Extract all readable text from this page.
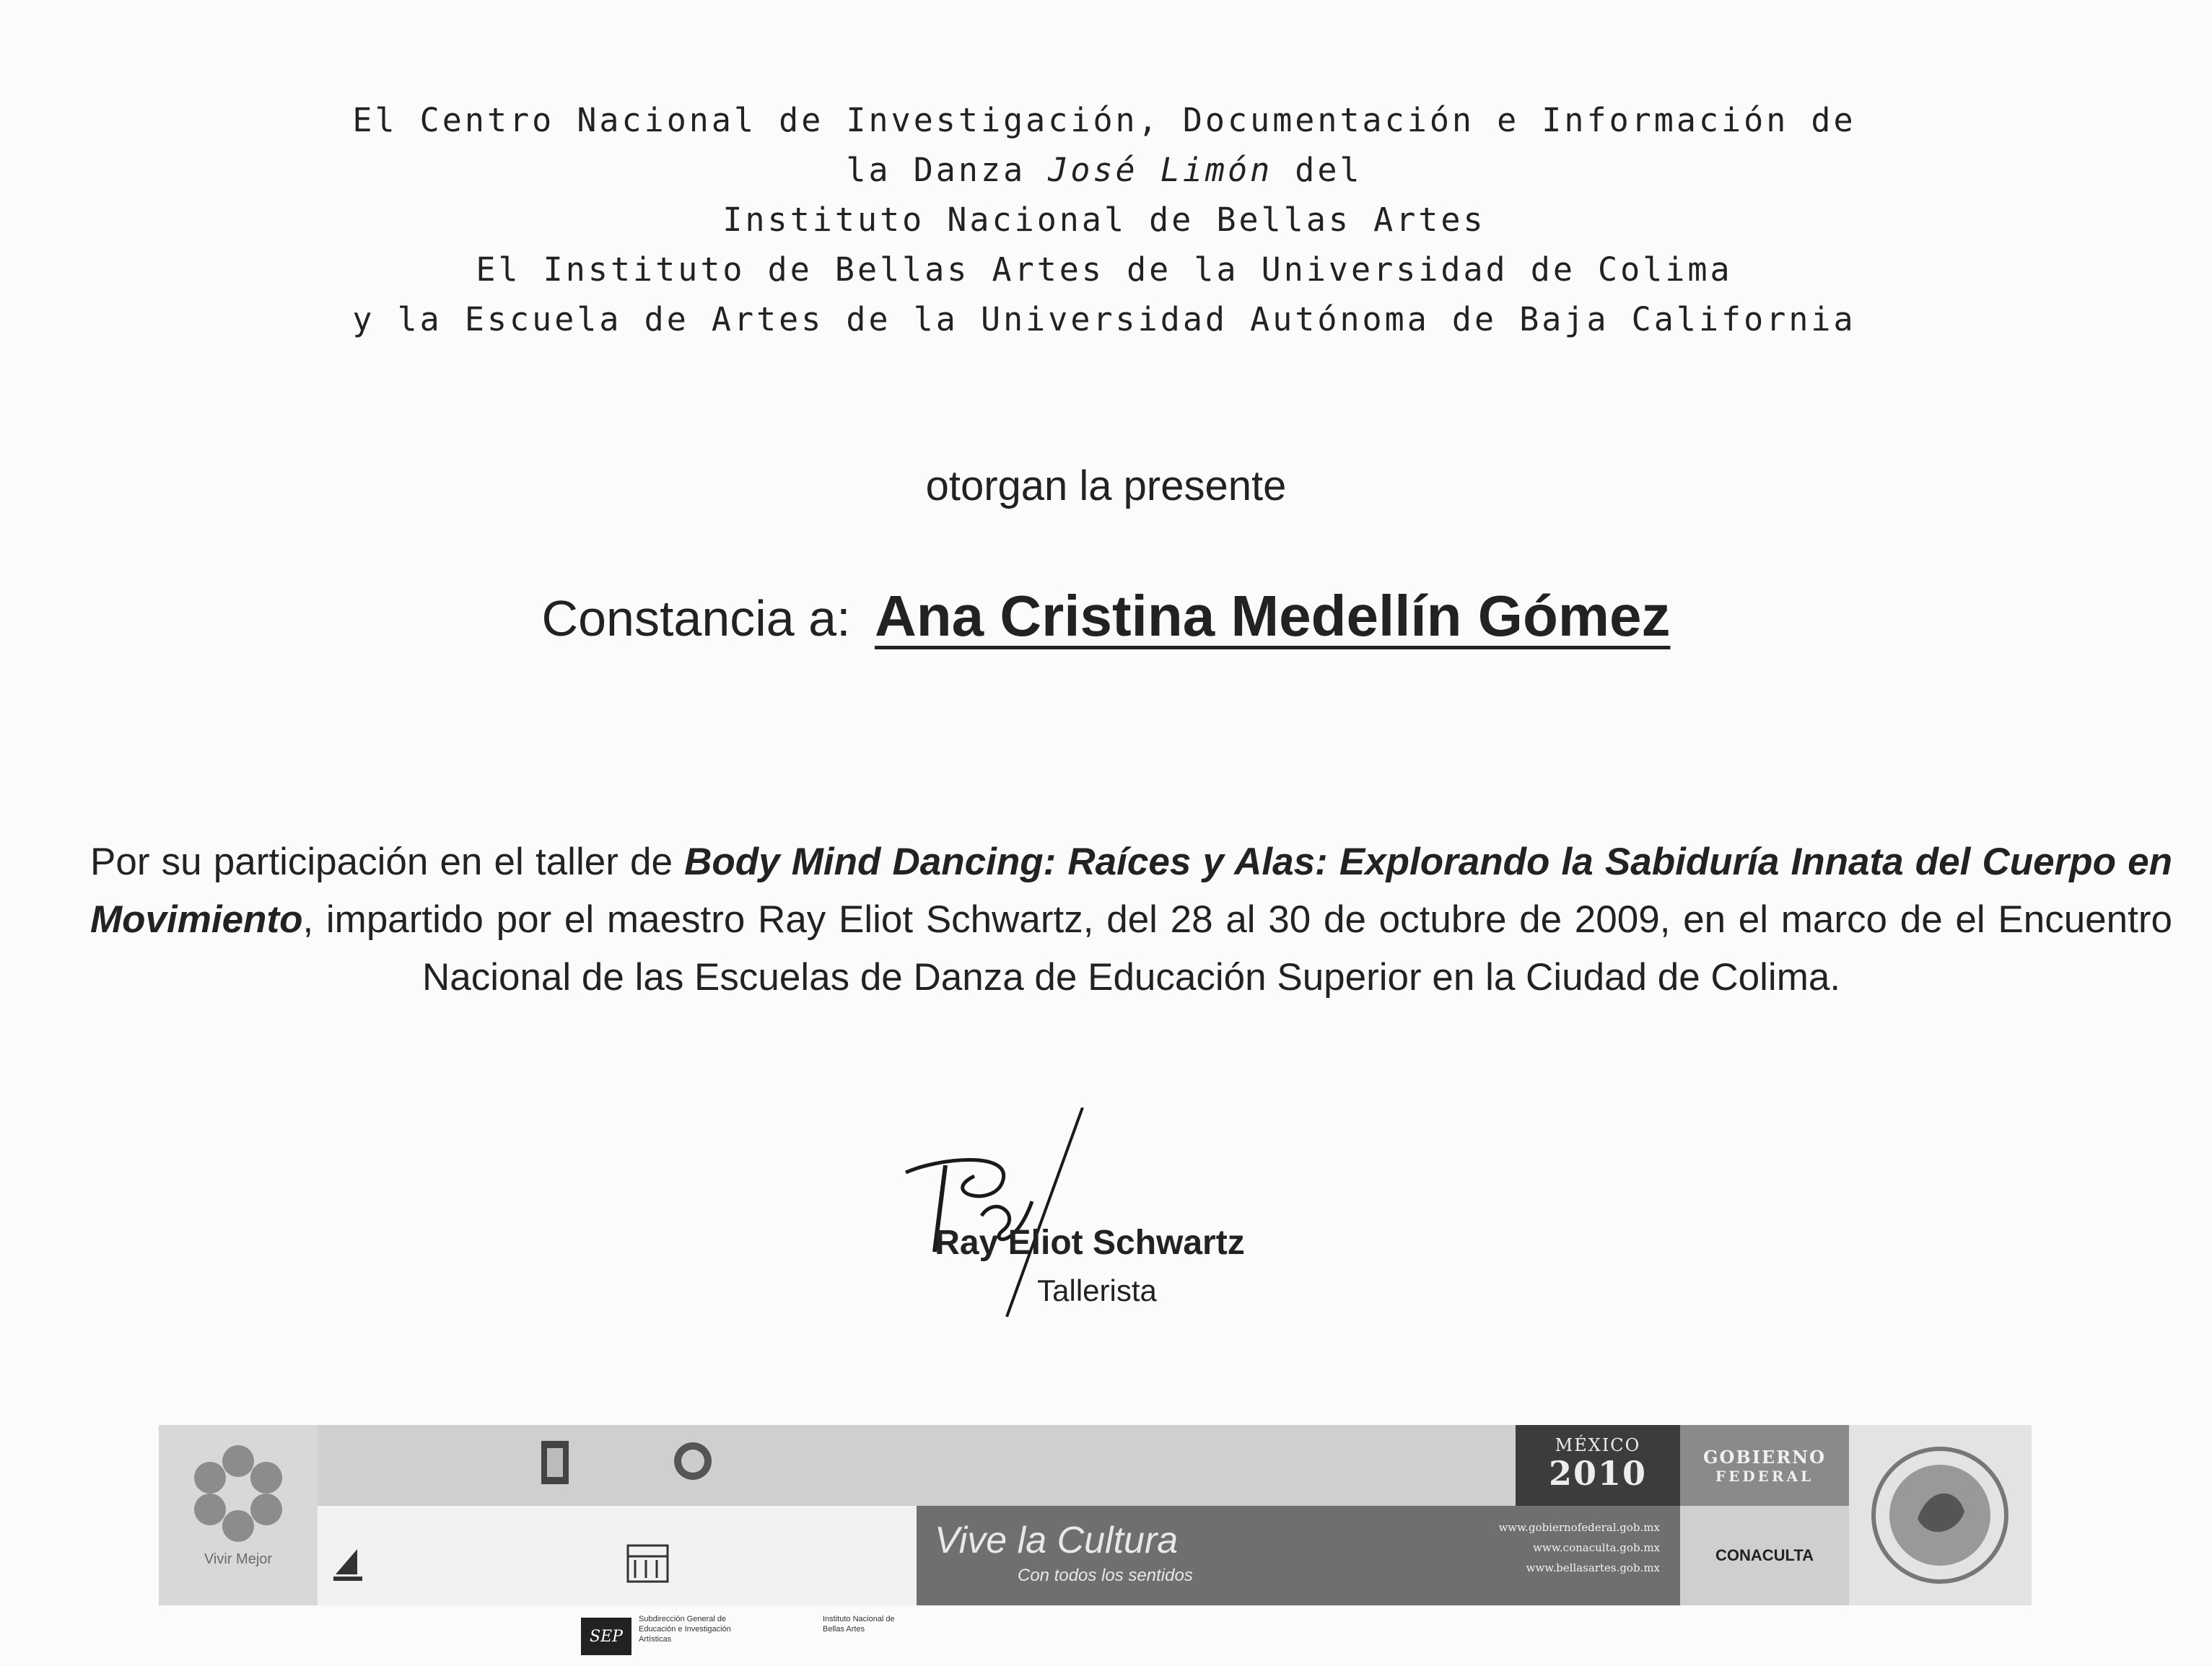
El Centro Nacional de Investigación, Documentación e Información de
la Danza José Limón del
Instituto Nacional de Bellas Artes
El Instituto de Bellas Artes de la Universidad de Colima
y la Escuela de Artes de la Universidad Autónoma de Baja California
otorgan la presente
Constancia a: Ana Cristina Medellín Gómez
Por su participación en el taller de Body Mind Dancing: Raíces y Alas: Explorando la Sabiduría Innata del Cuerpo en Movimiento, impartido por el maestro Ray Eliot Schwartz, del 28 al 30 de octubre de 2009, en el marco de el Encuentro Nacional de las Escuelas de Danza de Educación Superior en la Ciudad de Colima.
Ray Eliot Schwartz
Tallerista
Vivir Mejor
SEP
Subdirección General de Educación e Investigación Artísticas
Instituto Nacional de Bellas Artes
Vive la Cultura
Con todos los sentidos
www.gobiernofederal.gob.mx
www.conaculta.gob.mx
www.bellasartes.gob.mx
MÉXICO
2010	GOBIERNO
FEDERAL
CONACULTA
